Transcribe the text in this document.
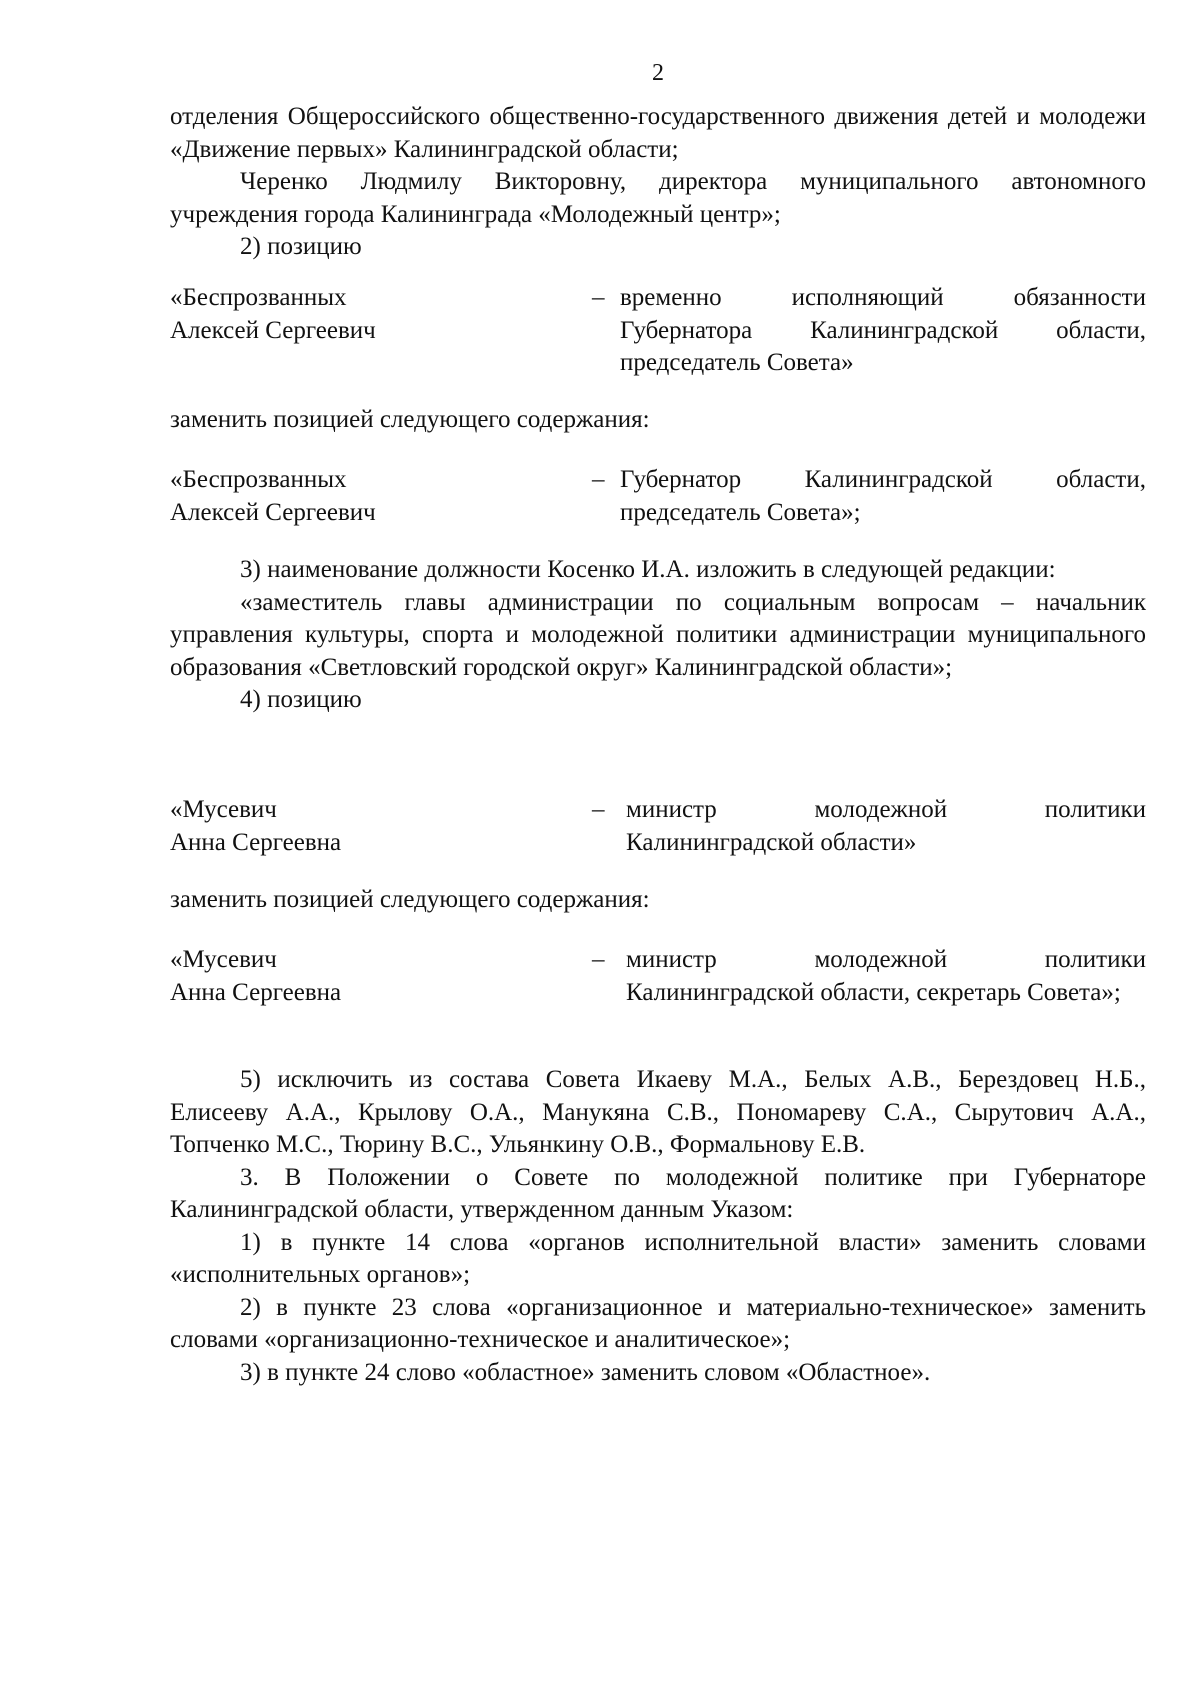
2

отделения Общероссийского общественно-государственного движения детей и молодежи «Движение первых» Калининградской области;

Черенко Людмилу Викторовну, директора муниципального автономного учреждения города Калининграда «Молодежный центр»;

2) позицию

«Беспрозванных
Алексей Сергеевич
– временно исполняющий обязанности Губернатора Калининградской области, председатель Совета»

заменить позицией следующего содержания:

«Беспрозванных
Алексей Сергеевич
– Губернатор Калининградской области, председатель Совета»;

3) наименование должности Косенко И.А. изложить в следующей редакции:

«заместитель главы администрации по социальным вопросам – начальник управления культуры, спорта и молодежной политики администрации муниципального образования «Светловский городской округ» Калининградской области»;

4) позицию

«Мусевич
Анна Сергеевна
– министр молодежной политики Калининградской области»

заменить позицией следующего содержания:

«Мусевич
Анна Сергеевна
– министр молодежной политики Калининградской области, секретарь Совета»;

5) исключить из состава Совета Икаеву М.А., Белых А.В., Берездовец Н.Б., Елисееву А.А., Крылову О.А., Манукяна С.В., Пономареву С.А., Сырутович А.А., Топченко М.С., Тюрину В.С., Ульянкину О.В., Формальнову Е.В.

3. В Положении о Совете по молодежной политике при Губернаторе Калининградской области, утвержденном данным Указом:

1) в пункте 14 слова «органов исполнительной власти» заменить словами «исполнительных органов»;

2) в пункте 23 слова «организационное и материально-техническое» заменить словами «организационно-техническое и аналитическое»;

3) в пункте 24 слово «областное» заменить словом «Областное».
